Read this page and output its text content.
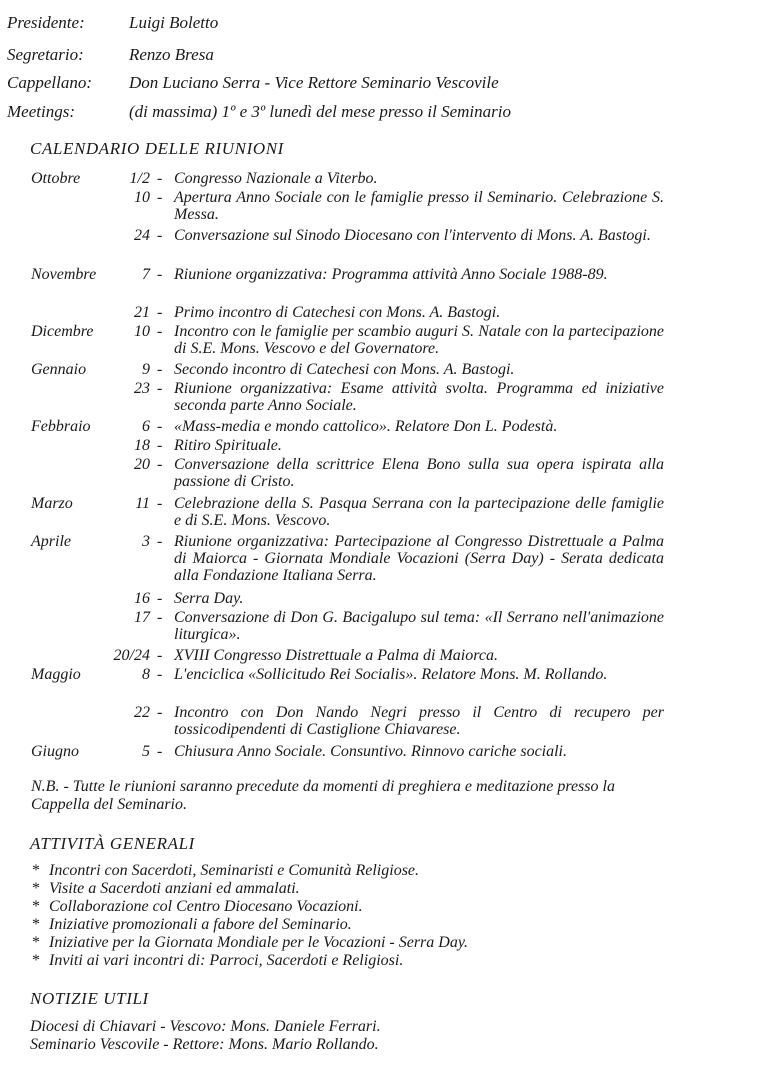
Presidente:	Luigi Boletto
Segretario:	Renzo Bresa
Cappellano: Don Luciano Serra - Vice Rettore Seminario Vescovile
Meetings:	(di massima) 1º e 3º lunedì del mese presso il Seminario
CALENDARIO DELLE RIUNIONI
Ottobre	1/2 - Congresso Nazionale a Viterbo.
10 - Apertura Anno Sociale con le famiglie presso il Seminario. Celebrazione S. Messa.
24 - Conversazione sul Sinodo Diocesano con l'intervento di Mons. A. Bastogi.
Novembre	7 - Riunione organizzativa: Programma attività Anno Sociale 1988-89.
21 - Primo incontro di Catechesi con Mons. A. Bastogi.
Dicembre	10 - Incontro con le famiglie per scambio auguri S. Natale con la partecipazione di S.E. Mons. Vescovo e del Governatore.
Gennaio	9 - Secondo incontro di Catechesi con Mons. A. Bastogi.
23 - Riunione organizzativa: Esame attività svolta. Programma ed iniziative seconda parte Anno Sociale.
Febbraio	6 - «Mass-media e mondo cattolico». Relatore Don L. Podestà.
18 - Ritiro Spirituale.
20 - Conversazione della scrittrice Elena Bono sulla sua opera ispirata alla passione di Cristo.
Marzo	11 - Celebrazione della S. Pasqua Serrana con la partecipazione delle famiglie e di S.E. Mons. Vescovo.
Aprile	3 - Riunione organizzativa: Partecipazione al Congresso Distrettuale a Palma di Maiorca - Giornata Mondiale Vocazioni (Serra Day) - Serata dedicata alla Fondazione Italiana Serra.
16 - Serra Day.
17 - Conversazione di Don G. Bacigalupo sul tema: «Il Serrano nell'animazione liturgica».
20/24 - XVIII Congresso Distrettuale a Palma di Maiorca.
Maggio	8 - L'enciclica «Sollicitudo Rei Socialis». Relatore Mons. M. Rollando.
22 - Incontro con Don Nando Negri presso il Centro di recupero per tossicodipendenti di Castiglione Chiavarese.
Giugno	5 - Chiusura Anno Sociale. Consuntivo. Rinnovo cariche sociali.
N.B. - Tutte le riunioni saranno precedute da momenti di preghiera e meditazione presso la Cappella del Seminario.
ATTIVITÀ GENERALI
* Incontri con Sacerdoti, Seminaristi e Comunità Religiose.
* Visite a Sacerdoti anziani ed ammalati.
* Collaborazione col Centro Diocesano Vocazioni.
* Iniziative promozionali a fabore del Seminario.
* Iniziative per la Giornata Mondiale per le Vocazioni - Serra Day.
* Inviti ai vari incontri di: Parroci, Sacerdoti e Religiosi.
NOTIZIE UTILI
Diocesi di Chiavari - Vescovo: Mons. Daniele Ferrari.
Seminario Vescovile - Rettore: Mons. Mario Rollando.
